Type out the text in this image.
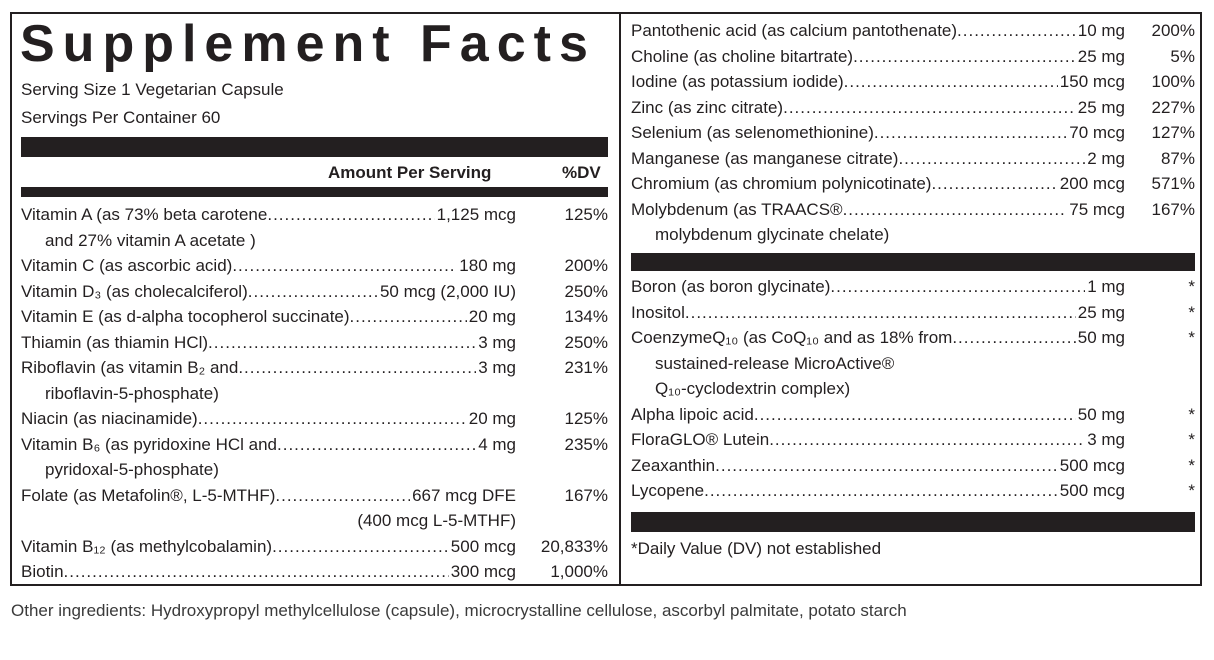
Supplement Facts
Serving Size 1 Vegetarian Capsule
Servings Per Container 60
Amount Per Serving	%DV
Vitamin A (as 73% beta carotene .....	1,125 mcg	125%
and 27% vitamin A acetate )
Vitamin C (as ascorbic acid) .....	180 mg	200%
Vitamin D₃ (as cholecalciferol) .....	50 mcg (2,000 IU)	250%
Vitamin E (as d-alpha tocopherol succinate) .....	20 mg	134%
Thiamin (as thiamin HCl) .....	3 mg	250%
Riboflavin (as vitamin B₂ and .....	3 mg	231%
riboflavin-5-phosphate)
Niacin (as niacinamide) .....	20 mg	125%
Vitamin B₆ (as pyridoxine HCl and .....	4 mg	235%
pyridoxal-5-phosphate)
Folate (as Metafolin®, L-5-MTHF) .....	667 mcg DFE	167%
(400 mcg L-5-MTHF)
Vitamin B₁₂ (as methylcobalamin) .....	500 mcg 20,833%
Biotin .....	300 mcg 1,000%
Pantothenic acid (as calcium pantothenate) .....	10 mg 200%
Choline (as choline bitartrate) .....	25 mg	5%
Iodine (as potassium iodide) .....	150 mcg 100%
Zinc (as zinc citrate) .....	25 mg 227%
Selenium (as selenomethionine) .....	70 mcg 127%
Manganese (as manganese citrate) .....	2 mg 87%
Chromium (as chromium polynicotinate) .....	200 mcg 571%
Molybdenum (as TRAACS® .....	75 mcg 167%
molybdenum glycinate chelate)
Boron (as boron glycinate) .....	1 mg	*
Inositol .....	25 mg	*
CoenzymeQ₁₀ (as CoQ₁₀ and as 18% from .....	50 mg	*
sustained-release MicroActive®
Q₁₀-cyclodextrin complex)
Alpha lipoic acid .....	50 mg	*
FloraGLO® Lutein .....	3 mg	*
Zeaxanthin .....	500 mcg	*
Lycopene .....	500 mcg	*
*Daily Value (DV) not established
Other ingredients: Hydroxypropyl methylcellulose (capsule), microcrystalline cellulose, ascorbyl palmitate, potato starch
